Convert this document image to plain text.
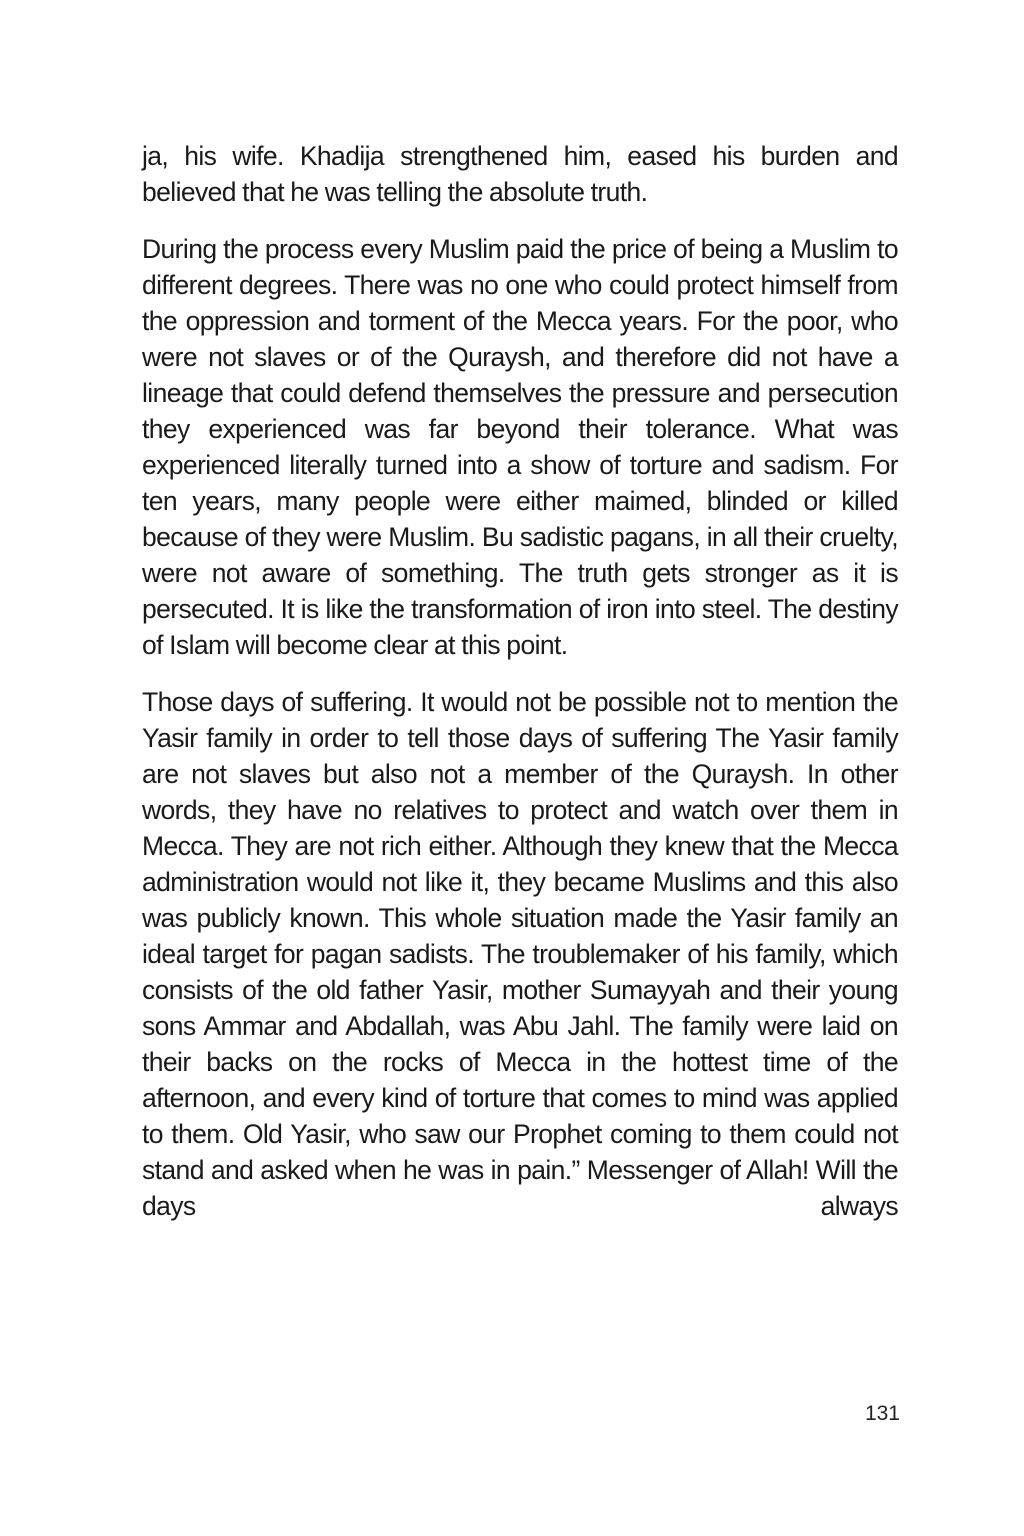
ja, his wife. Khadija strengthened him, eased his burden and believed that he was telling the absolute truth.

During the process every Muslim paid the price of being a Muslim to different degrees. There was no one who could protect himself from the oppression and torment of the Mecca years. For the poor, who were not slaves or of the Quraysh, and therefore did not have a lineage that could defend themselves the pressure and persecution they experienced was far beyond their tolerance. What was experienced literally turned into a show of torture and sadism. For ten years, many people were either maimed, blinded or killed because of they were Muslim. Bu sadistic pagans, in all their cruelty, were not aware of something. The truth gets stronger as it is persecuted. It is like the transformation of iron into steel. The destiny of Islam will become clear at this point.

Those days of suffering. It would not be possible not to mention the Yasir family in order to tell those days of suffering The Yasir family are not slaves but also not a member of the Quraysh. In other words, they have no relatives to protect and watch over them in Mecca. They are not rich either. Although they knew that the Mecca administration would not like it, they became Muslims and this also was publicly known. This whole situation made the Yasir family an ideal target for pagan sadists. The troublemaker of his family, which consists of the old father Yasir, mother Sumayyah and their young sons Ammar and Abdallah, was Abu Jahl. The family were laid on their backs on the rocks of Mecca in the hottest time of the afternoon, and every kind of torture that comes to mind was applied to them. Old Yasir, who saw our Prophet coming to them could not stand and asked when he was in pain.” Messenger of Allah! Will the days always

131
